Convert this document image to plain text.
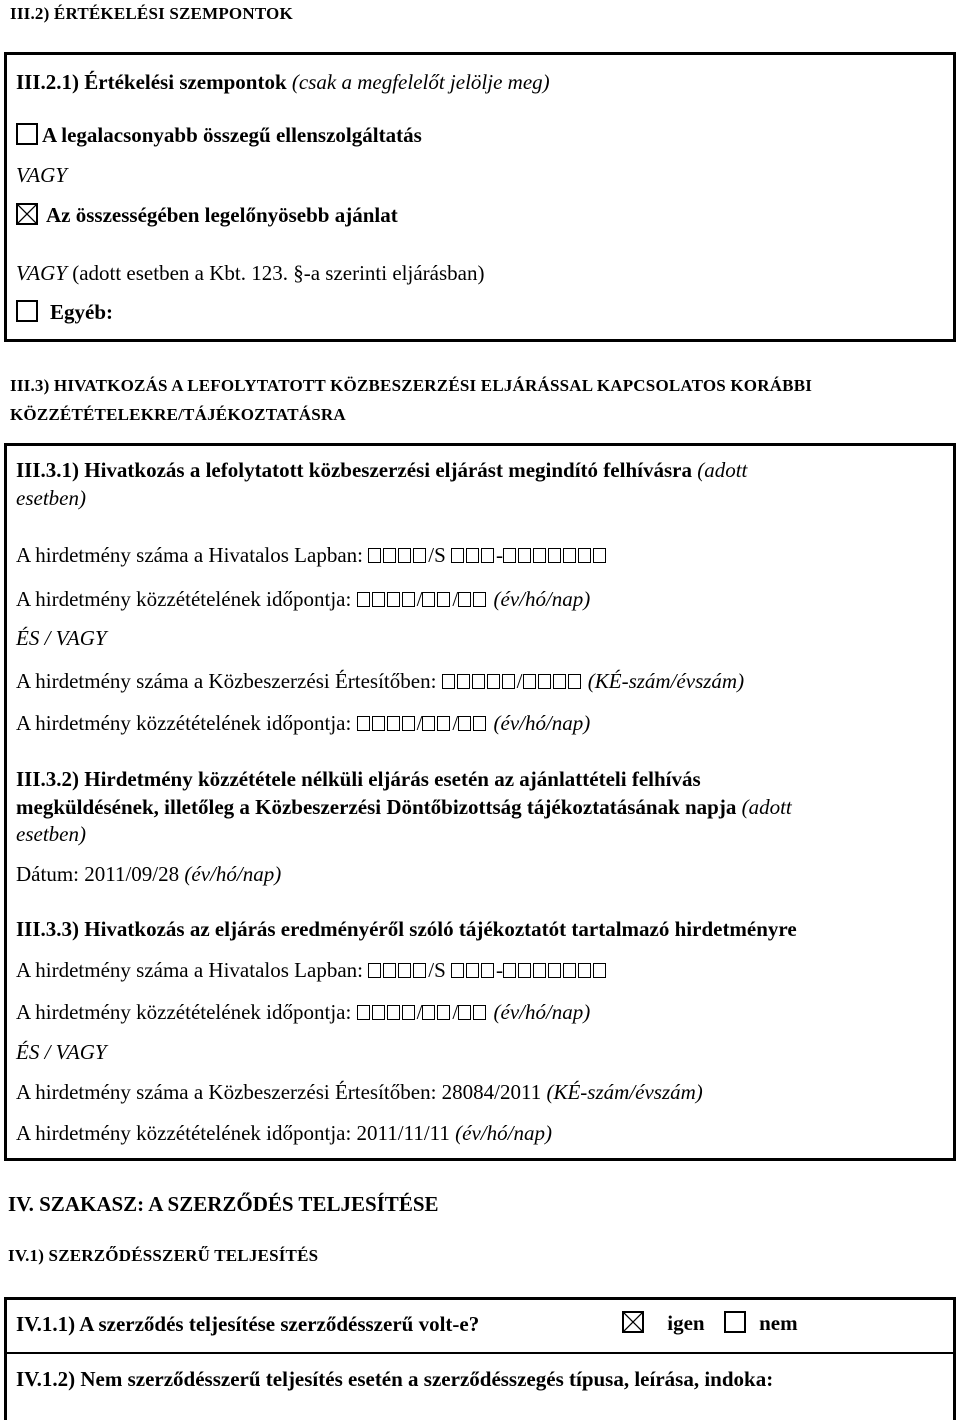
III.2) ÉRTÉKELÉSI SZEMPONTOK
III.2.1) Értékelési szempontok (csak a megfelelőt jelölje meg)
A legalacsonyabb összegű ellenszolgáltatás
VAGY
Az összességében legelőnyösebb ajánlat
VAGY (adott esetben a Kbt. 123. §-a szerinti eljárásban)
Egyéb:
III.3) HIVATKOZÁS A LEFOLYTATOTT KÖZBESZERZÉSI ELJÁRÁSSAL KAPCSOLATOS KORÁBBI
KÖZZÉTÉTELEKRE/TÁJÉKOZTATÁSRA
III.3.1) Hivatkozás a lefolytatott közbeszerzési eljárást megindító felhívásra (adott
esetben)
A hirdetmény száma a Hivatalos Lapban:	/S -
A hirdetmény közzétételének időpontja:	/ / (év/hó/nap)
ÉS / VAGY
A hirdetmény száma a Közbeszerzési Értesítőben:	/	(KÉ-szám/évszám)
A hirdetmény közzétételének időpontja:	/ / (év/hó/nap)
III.3.2) Hirdetmény közzététele nélküli eljárás esetén az ajánlattételi felhívás
megküldésének, illetőleg a Közbeszerzési Döntőbizottság tájékoztatásának napja (adott
esetben)
Dátum: 2011/09/28 (év/hó/nap)
III.3.3) Hivatkozás az eljárás eredményéről szóló tájékoztatót tartalmazó hirdetményre
A hirdetmény száma a Hivatalos Lapban:	/S -
A hirdetmény közzétételének időpontja:	/ / (év/hó/nap)
ÉS / VAGY
A hirdetmény száma a Közbeszerzési Értesítőben: 28084/2011 (KÉ-szám/évszám)
A hirdetmény közzétételének időpontja: 2011/11/11 (év/hó/nap)
IV. SZAKASZ: A SZERZŐDÉS TELJESÍTÉSE
IV.1) SZERZŐDÉSSZERŰ TELJESÍTÉS
IV.1.1) A szerződés teljesítése szerződésszerű volt-e?	igen	nem
IV.1.2) Nem szerződésszerű teljesítés esetén a szerződésszegés típusa, leírása, indoka:
